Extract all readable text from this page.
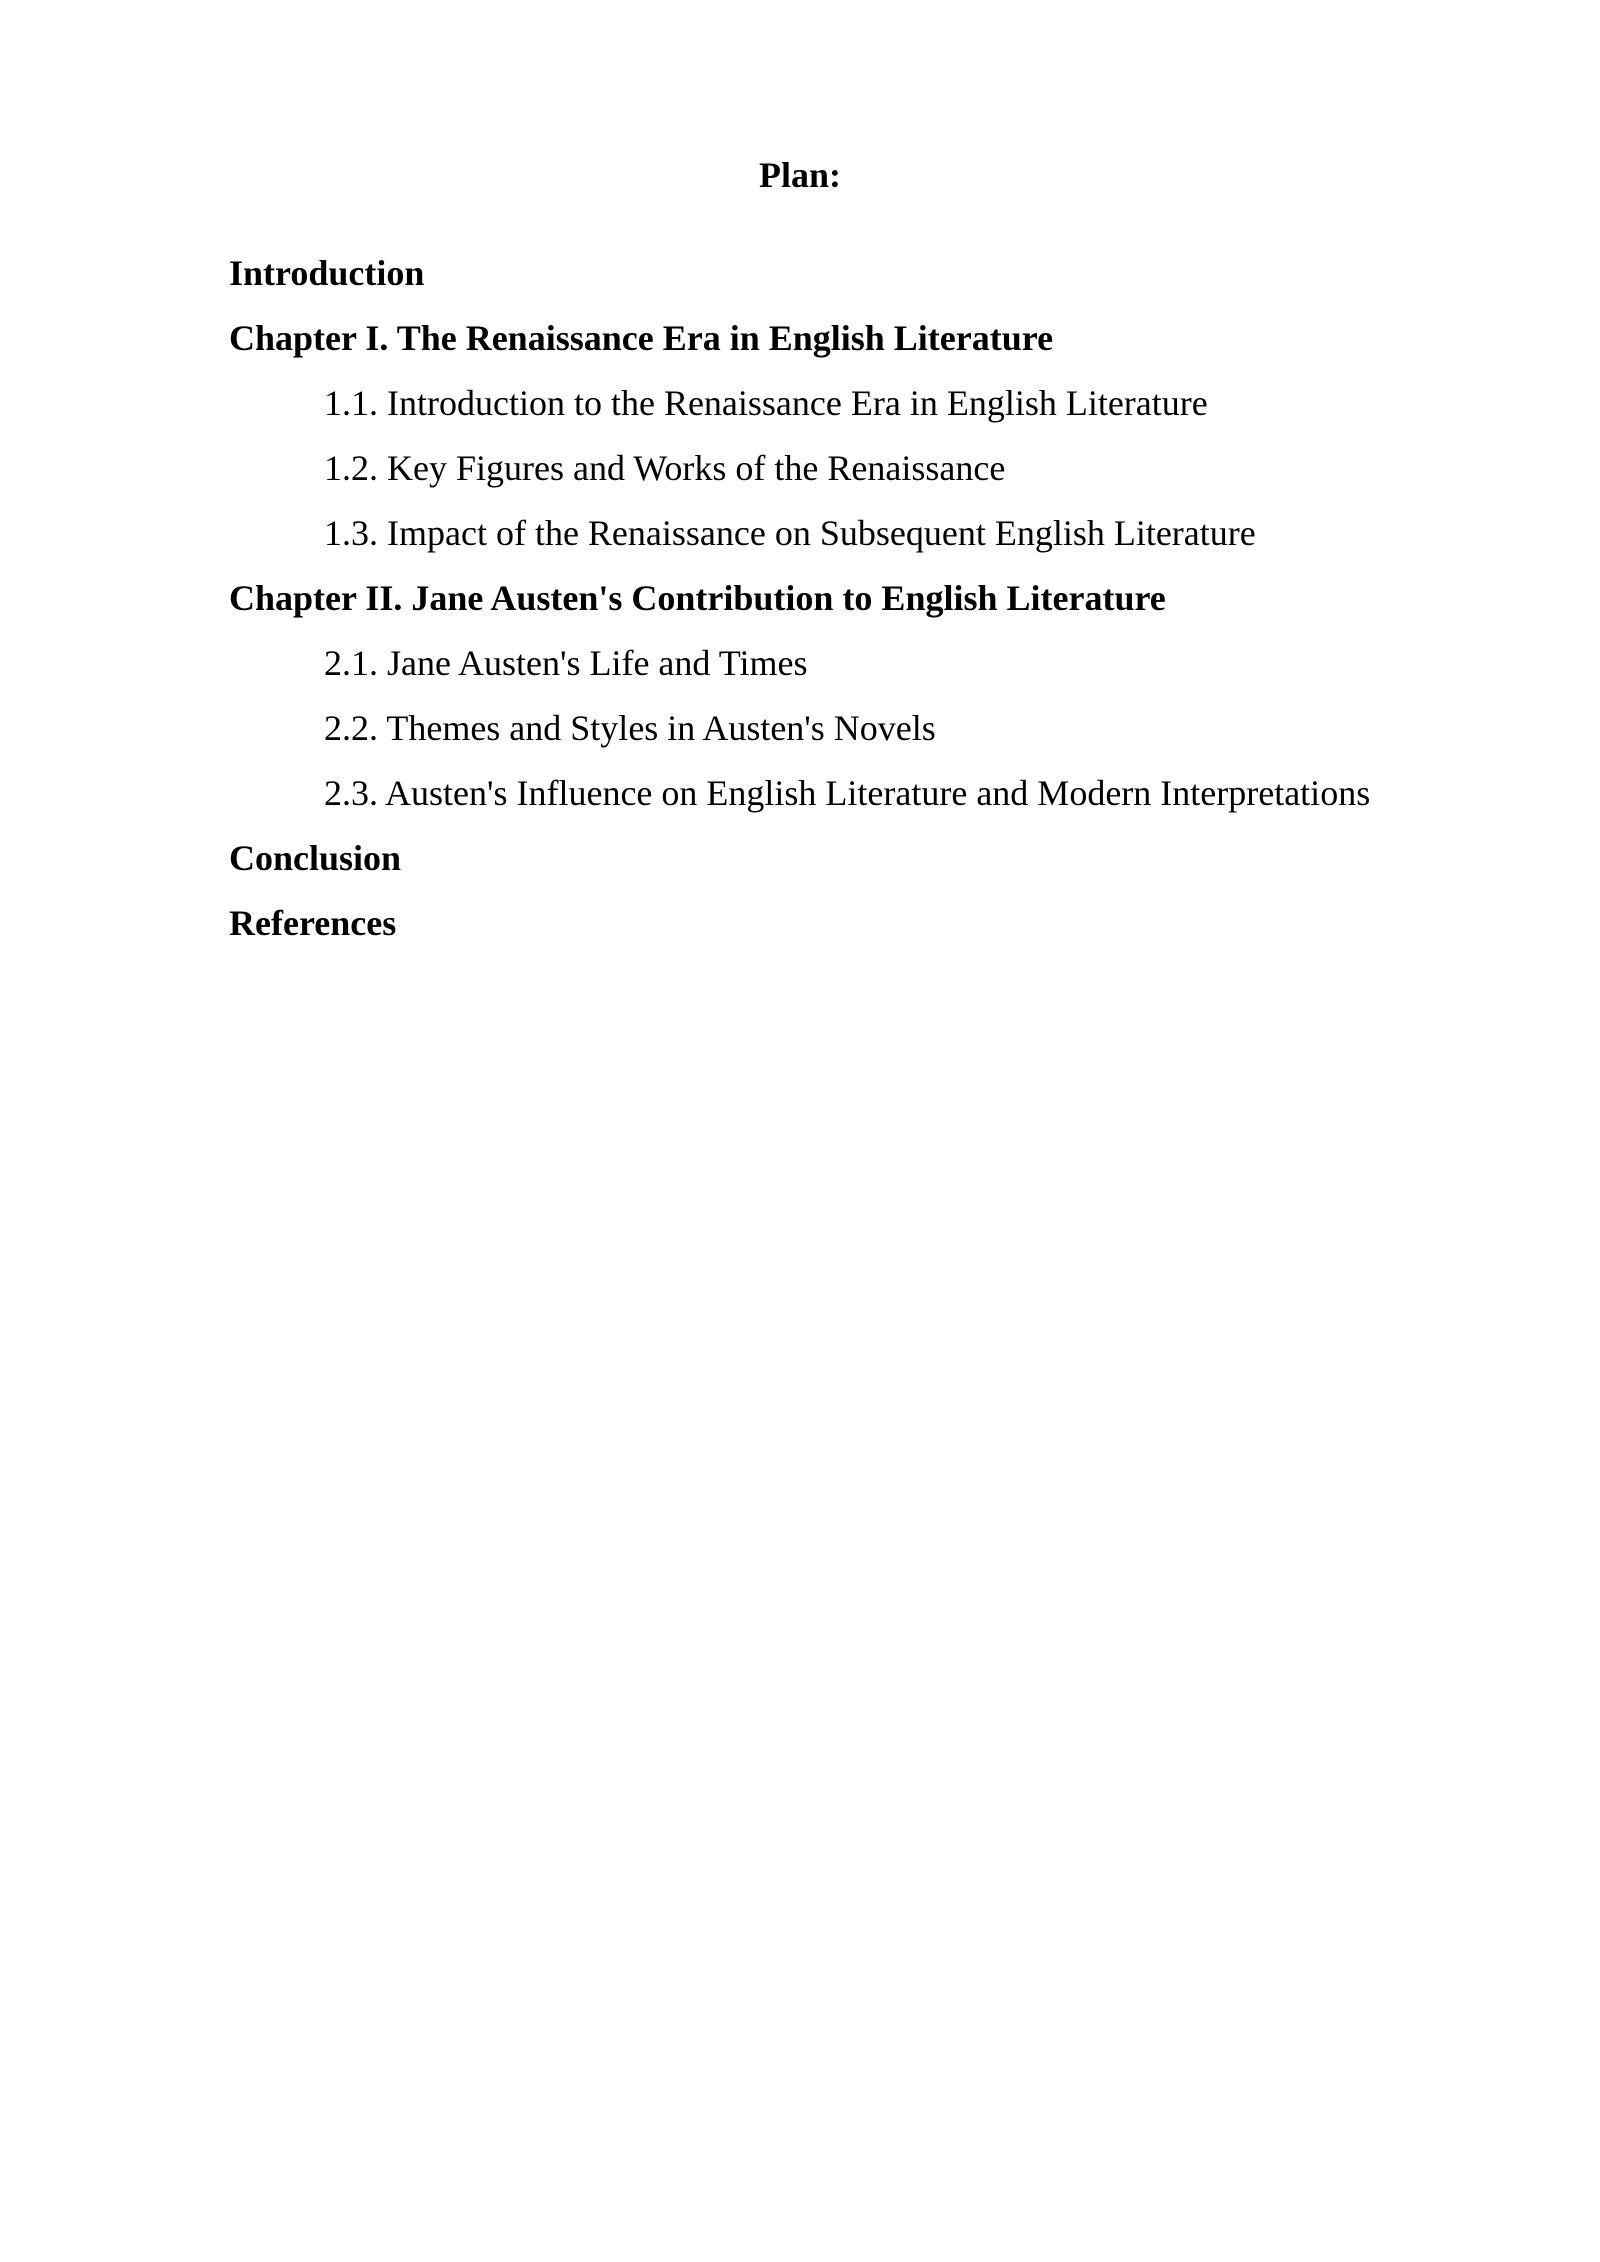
Plan:
Introduction
Chapter I. The Renaissance Era in English Literature
1.1. Introduction to the Renaissance Era in English Literature
1.2. Key Figures and Works of the Renaissance
1.3. Impact of the Renaissance on Subsequent English Literature
Chapter II. Jane Austen's Contribution to English Literature
2.1. Jane Austen's Life and Times
2.2. Themes and Styles in Austen's Novels
2.3. Austen's Influence on English Literature and Modern Interpretations
Conclusion
References
